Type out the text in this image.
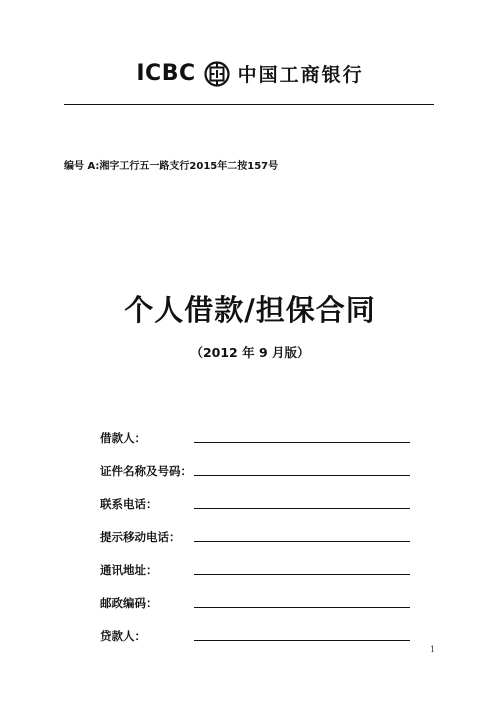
ICBC 中国工商银行
编号 A:湘字工行五一路支行2015年二按157号
个人借款/担保合同
（2012 年 9 月版）
借款人：
证件名称及号码：
联系电话：
提示移动电话：
通讯地址：
邮政编码：
贷款人：
1
